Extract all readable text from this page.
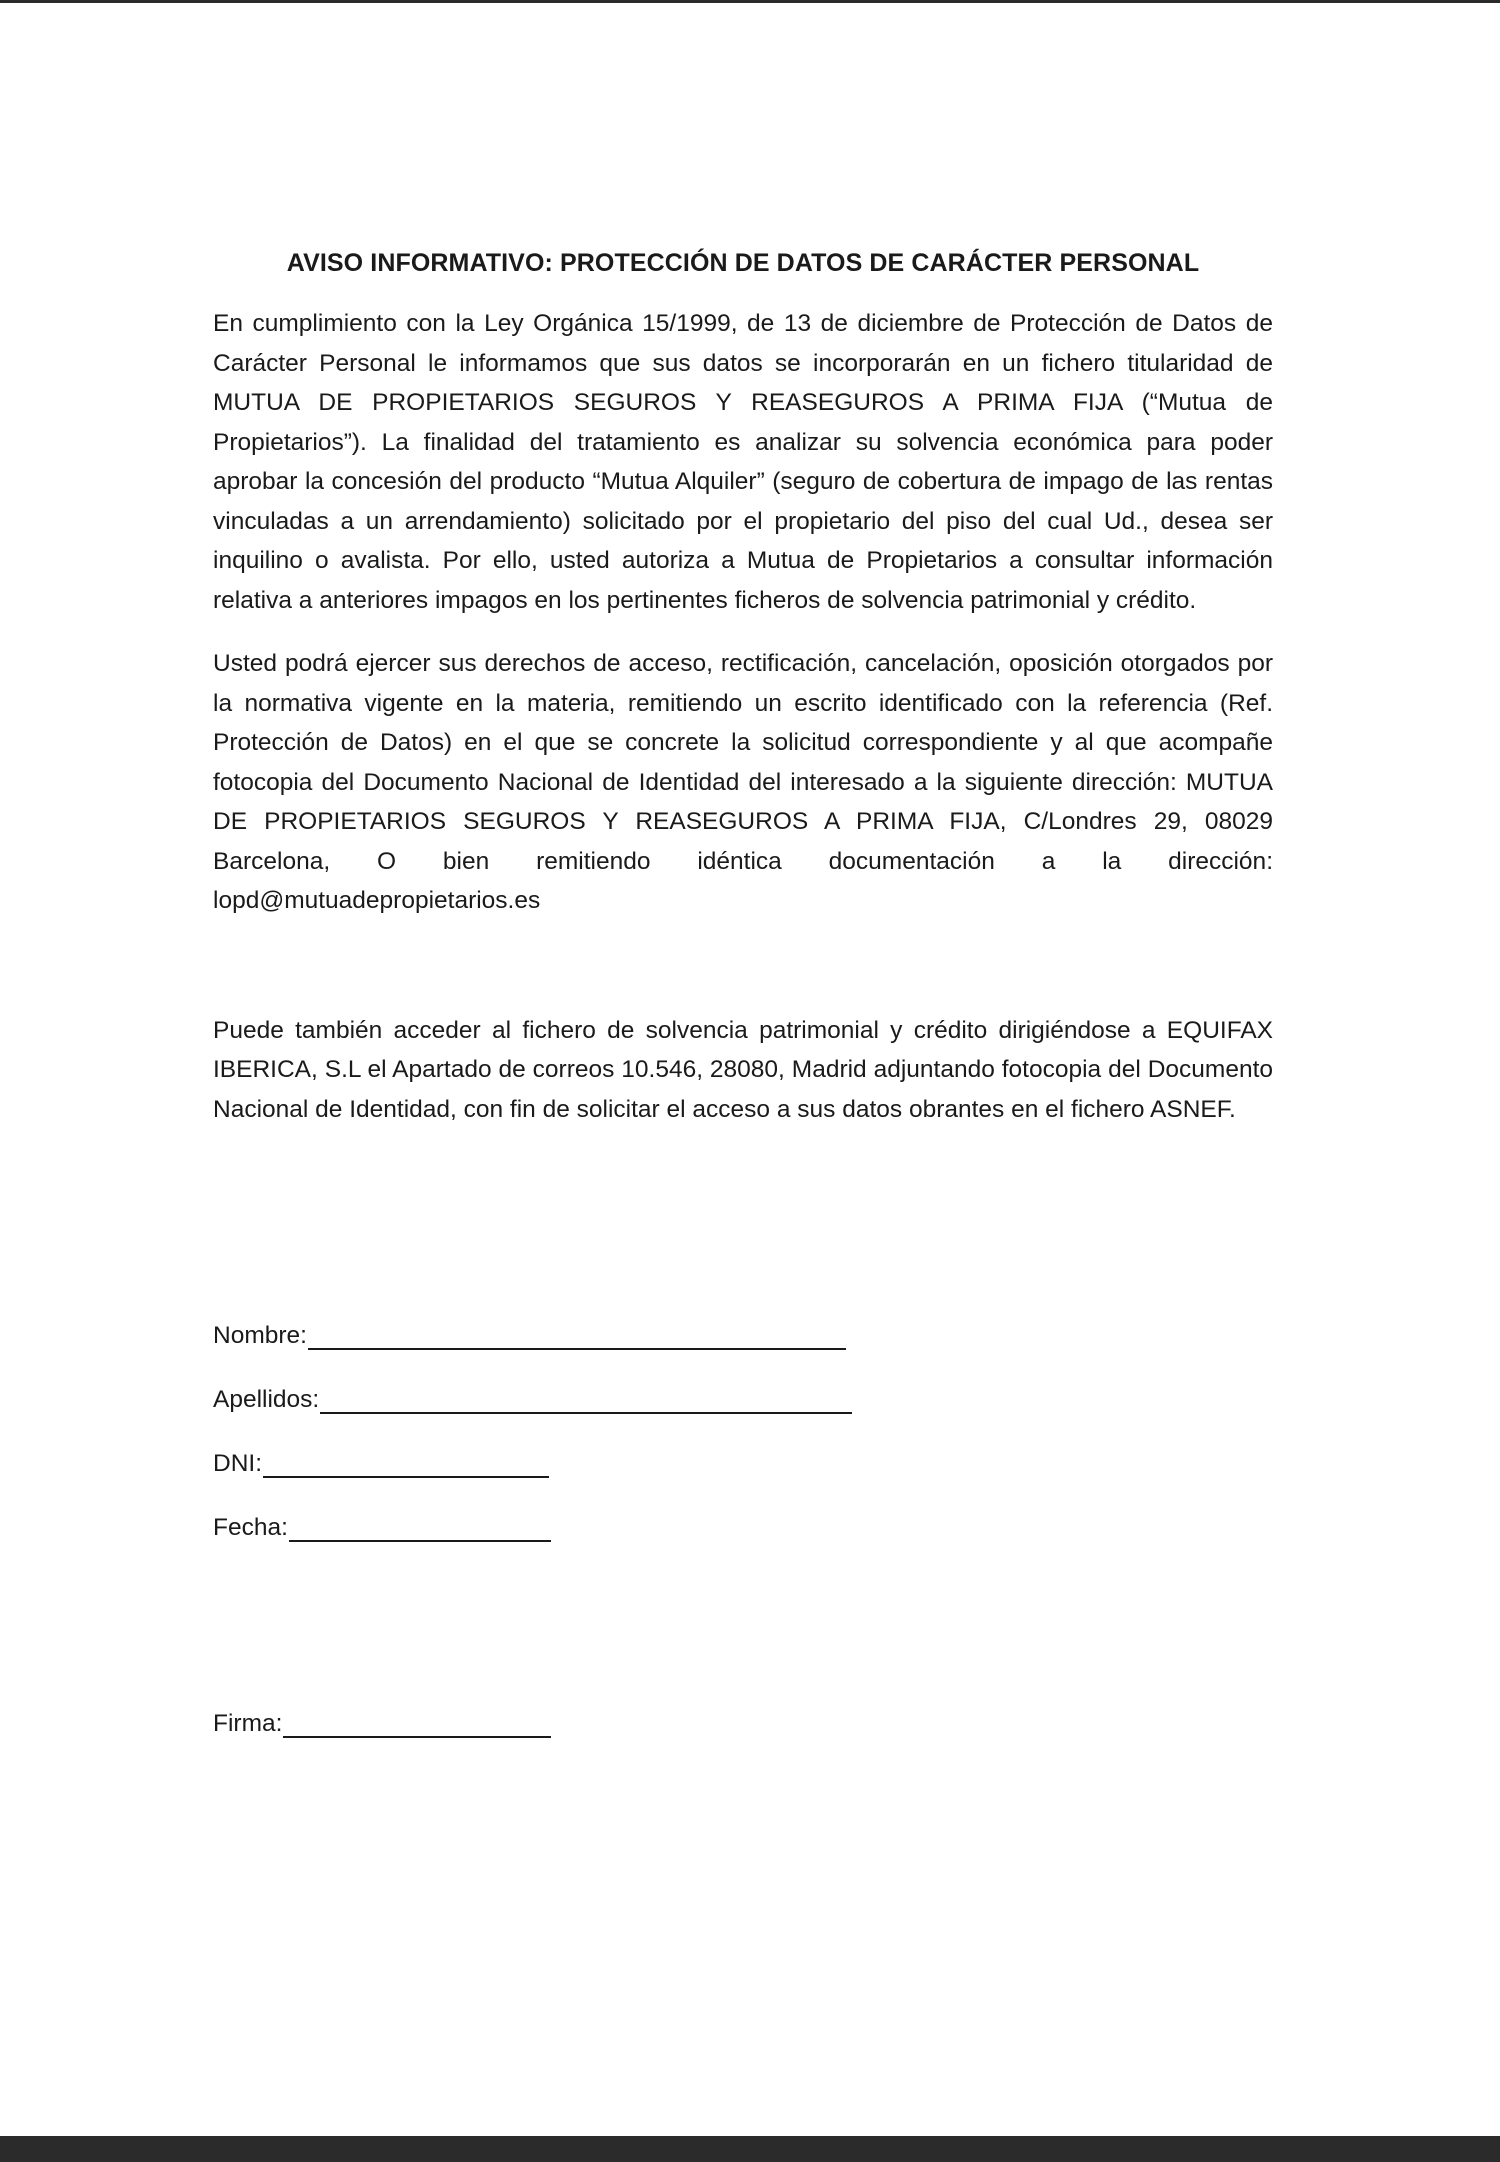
AVISO INFORMATIVO: PROTECCIÓN DE DATOS DE CARÁCTER PERSONAL

En cumplimiento con la Ley Orgánica 15/1999, de 13 de diciembre de Protección de Datos de Carácter Personal le informamos que sus datos se incorporarán en un fichero titularidad de MUTUA DE PROPIETARIOS SEGUROS Y REASEGUROS A PRIMA FIJA (“Mutua de Propietarios”). La finalidad del tratamiento es analizar su solvencia económica para poder aprobar la concesión del producto “Mutua Alquiler” (seguro de cobertura de impago de las rentas vinculadas a un arrendamiento) solicitado por el propietario del piso del cual Ud., desea ser inquilino o avalista. Por ello, usted autoriza a Mutua de Propietarios a consultar información relativa a anteriores impagos en los pertinentes ficheros de solvencia patrimonial y crédito.

Usted podrá ejercer sus derechos de acceso, rectificación, cancelación, oposición otorgados por la normativa vigente en la materia, remitiendo un escrito identificado con la referencia (Ref. Protección de Datos) en el que se concrete la solicitud correspondiente y al que acompañe fotocopia del Documento Nacional de Identidad del interesado a la siguiente dirección: MUTUA DE PROPIETARIOS SEGUROS Y REASEGUROS A PRIMA FIJA, C/Londres 29, 08029 Barcelona, O bien remitiendo idéntica documentación a la dirección: lopd@mutuadepropietarios.es

Puede también acceder al fichero de solvencia patrimonial y crédito dirigiéndose a EQUIFAX IBERICA, S.L el Apartado de correos 10.546, 28080, Madrid adjuntando fotocopia del Documento Nacional de Identidad, con fin de solicitar el acceso a sus datos obrantes en el fichero ASNEF.

Nombre:
Apellidos:
DNI:
Fecha:
Firma:
